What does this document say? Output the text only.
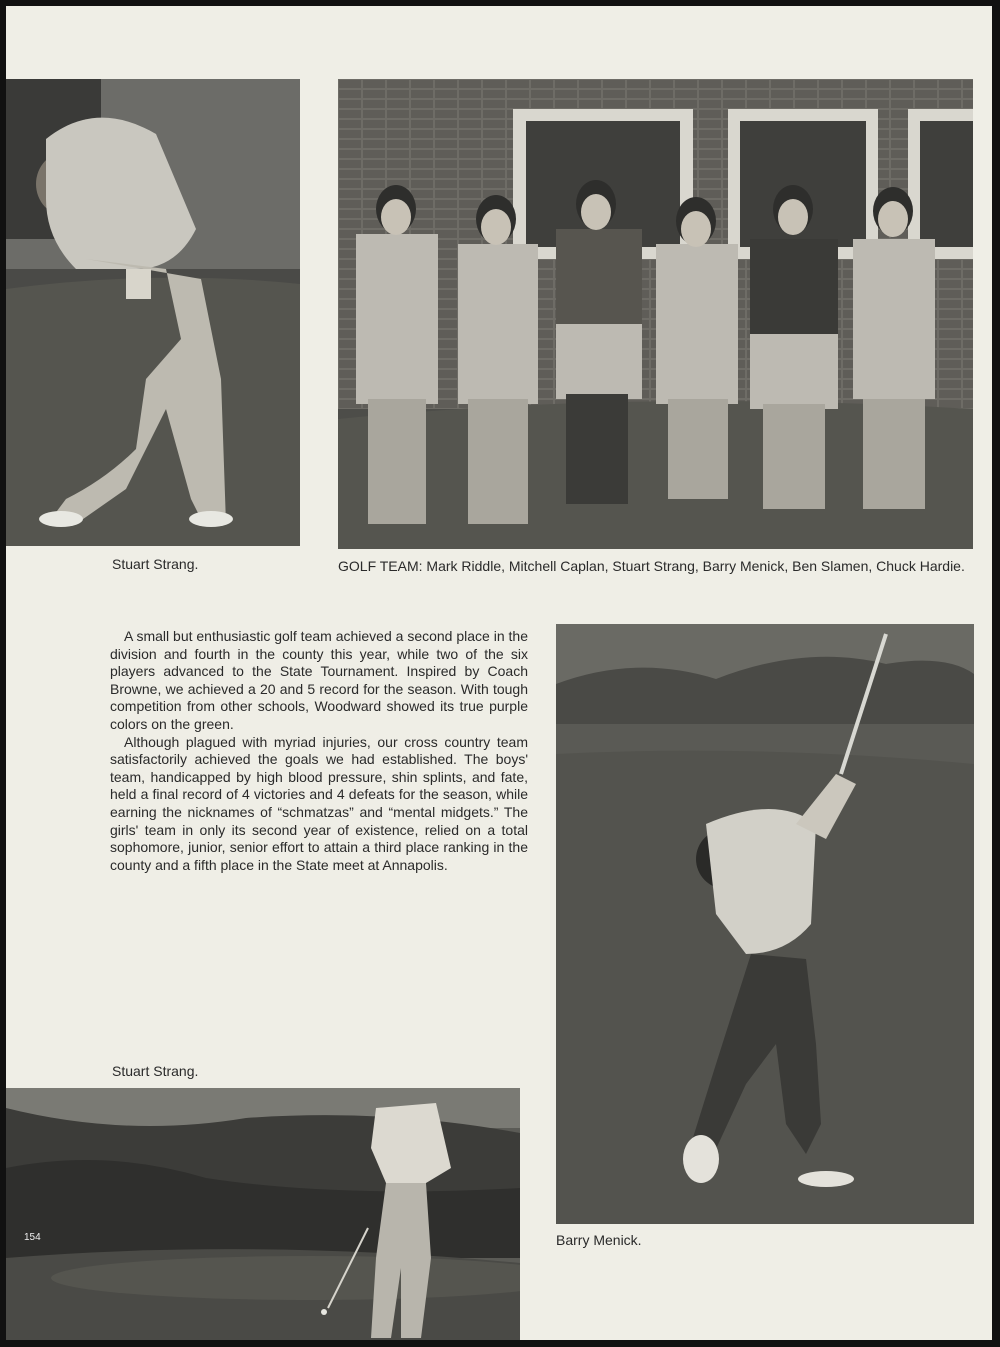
Stuart Strang.	GOLF TEAM: Mark Riddle, Mitchell Caplan, Stuart Strang, Barry Menick, Ben Slamen, Chuck Hardie.

A small but enthusiastic golf team achieved a second place in the division and fourth in the county this year, while two of the six players advanced to the State Tournament. Inspired by Coach Browne, we achieved a 20 and 5 record for the season. With tough competition from other schools, Woodward showed its true purple colors on the green.

Although plagued with myriad injuries, our cross country team satisfactorily achieved the goals we had established. The boys' team, handicapped by high blood pressure, shin splints, and fate, held a final record of 4 victories and 4 defeats for the season, while earning the nicknames of “schmatzas” and “mental midgets.” The girls' team in only its second year of existence, relied on a total sophomore, junior, senior effort to attain a third place ranking in the county and a fifth place in the State meet at Annapolis.

Barry Menick.
Stuart Strang.
154
